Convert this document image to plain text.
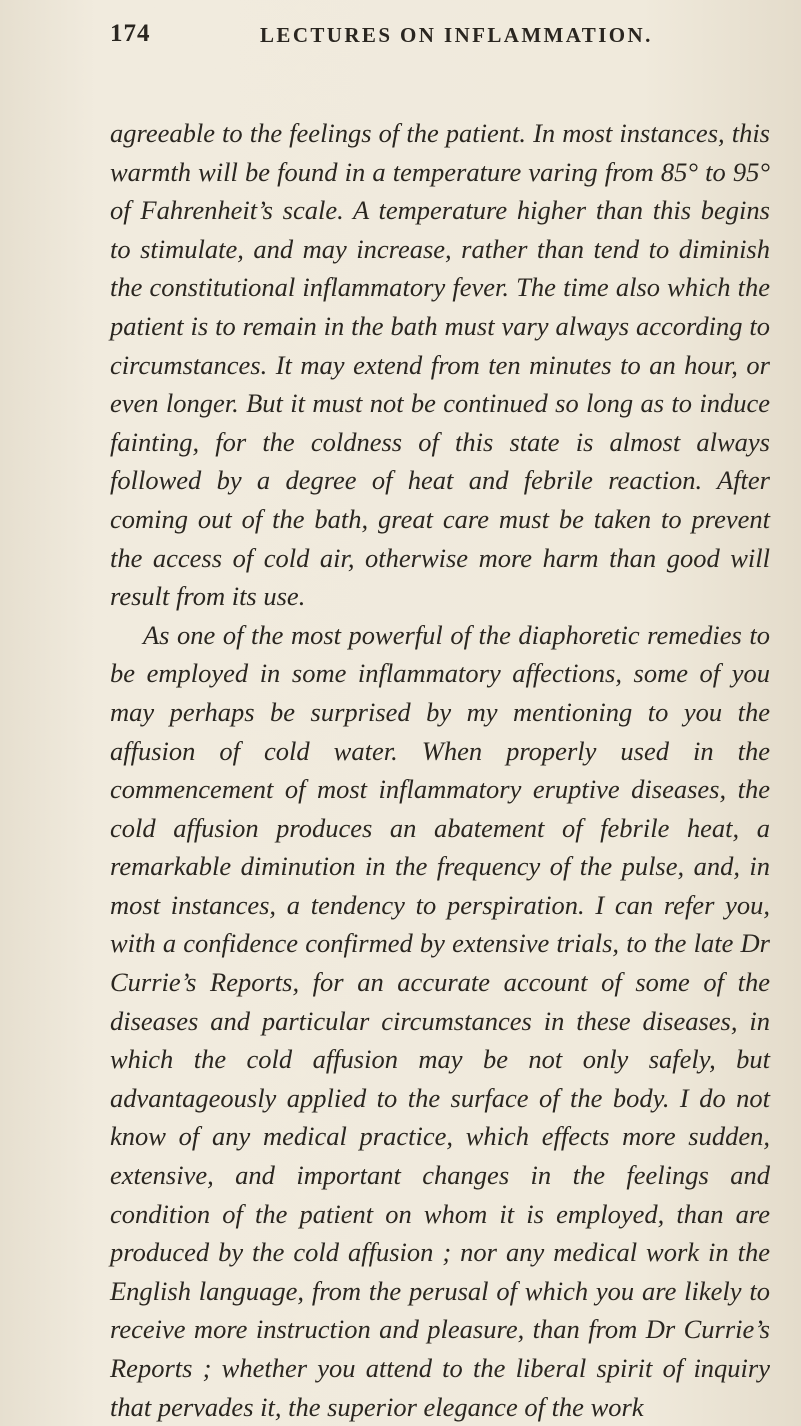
174	LECTURES ON INFLAMMATION.

agreeable to the feelings of the patient. In most instances, this warmth will be found in a temperature varing from 85° to 95° of Fahrenheit’s scale. A temperature higher than this begins to stimulate, and may increase, rather than tend to diminish the constitutional inflammatory fever. The time also which the patient is to remain in the bath must vary always according to circumstances. It may extend from ten minutes to an hour, or even longer. But it must not be continued so long as to induce fainting, for the coldness of this state is almost always followed by a degree of heat and febrile reaction. After coming out of the bath, great care must be taken to prevent the access of cold air, otherwise more harm than good will result from its use.

As one of the most powerful of the diaphoretic remedies to be employed in some inflammatory affections, some of you may perhaps be surprised by my mentioning to you the affusion of cold water. When properly used in the commencement of most inflammatory eruptive diseases, the cold affusion produces an abatement of febrile heat, a remarkable diminution in the frequency of the pulse, and, in most instances, a tendency to perspiration. I can refer you, with a confidence confirmed by extensive trials, to the late Dr Currie’s Reports, for an accurate account of some of the diseases and particular circumstances in these diseases, in which the cold affusion may be not only safely, but advantageously applied to the surface of the body. I do not know of any medical practice, which effects more sudden, extensive, and important changes in the feelings and condition of the patient on whom it is employed, than are produced by the cold affusion ; nor any medical work in the English language, from the perusal of which you are likely to receive more instruction and pleasure, than from Dr Currie’s Reports ; whether you attend to the liberal spirit of inquiry that pervades it, the superior elegance of the work
